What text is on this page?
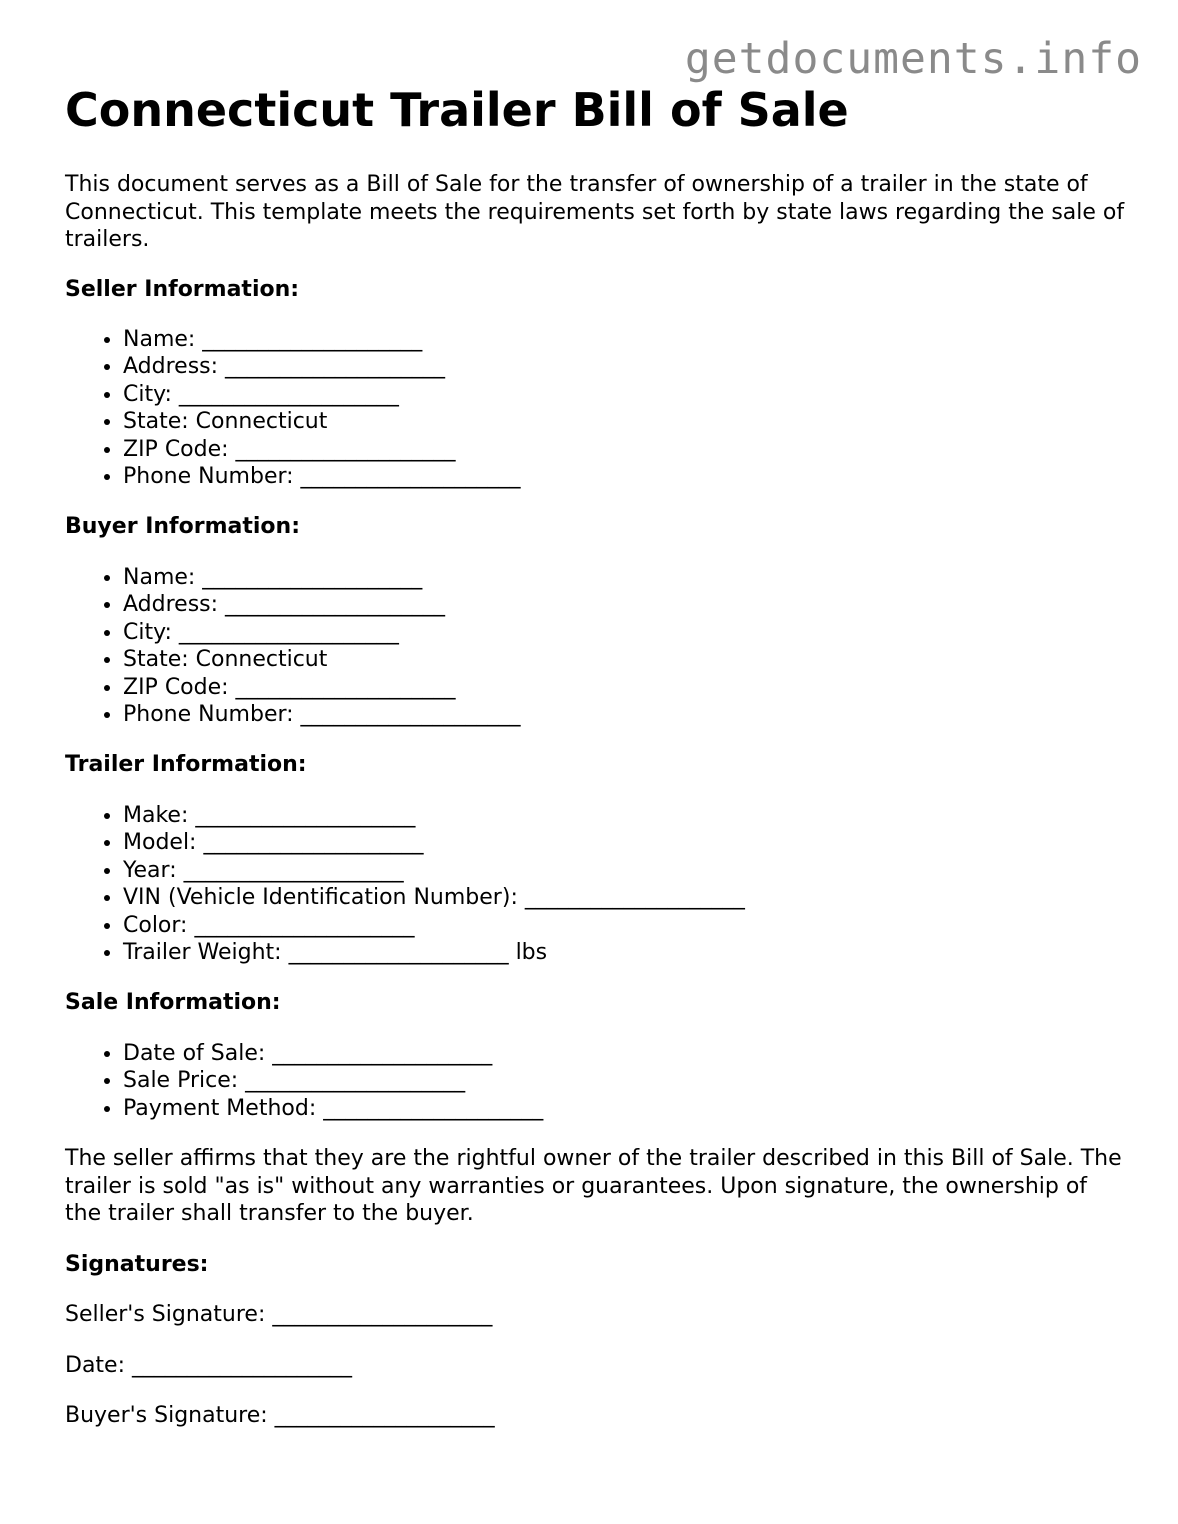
getdocuments.info
Connecticut Trailer Bill of Sale

This document serves as a Bill of Sale for the transfer of ownership of a trailer in the state of Connecticut. This template meets the requirements set forth by state laws regarding the sale of trailers.

Seller Information:
• Name: ____________________
• Address: ____________________
• City: ____________________
• State: Connecticut
• ZIP Code: ____________________
• Phone Number: ____________________
Buyer Information:
• Name: ____________________
• Address: ____________________
• City: ____________________
• State: Connecticut
• ZIP Code: ____________________
• Phone Number: ____________________
Trailer Information:
• Make: ____________________
• Model: ____________________
• Year: ____________________
• VIN (Vehicle Identification Number): ____________________
• Color: ____________________
• Trailer Weight: ____________________ lbs
Sale Information:
• Date of Sale: ____________________
• Sale Price: ____________________
• Payment Method: ____________________

The seller affirms that they are the rightful owner of the trailer described in this Bill of Sale. The trailer is sold "as is" without any warranties or guarantees. Upon signature, the ownership of the trailer shall transfer to the buyer.

Signatures:

Seller's Signature: ____________________

Date: ____________________

Buyer's Signature: ____________________
